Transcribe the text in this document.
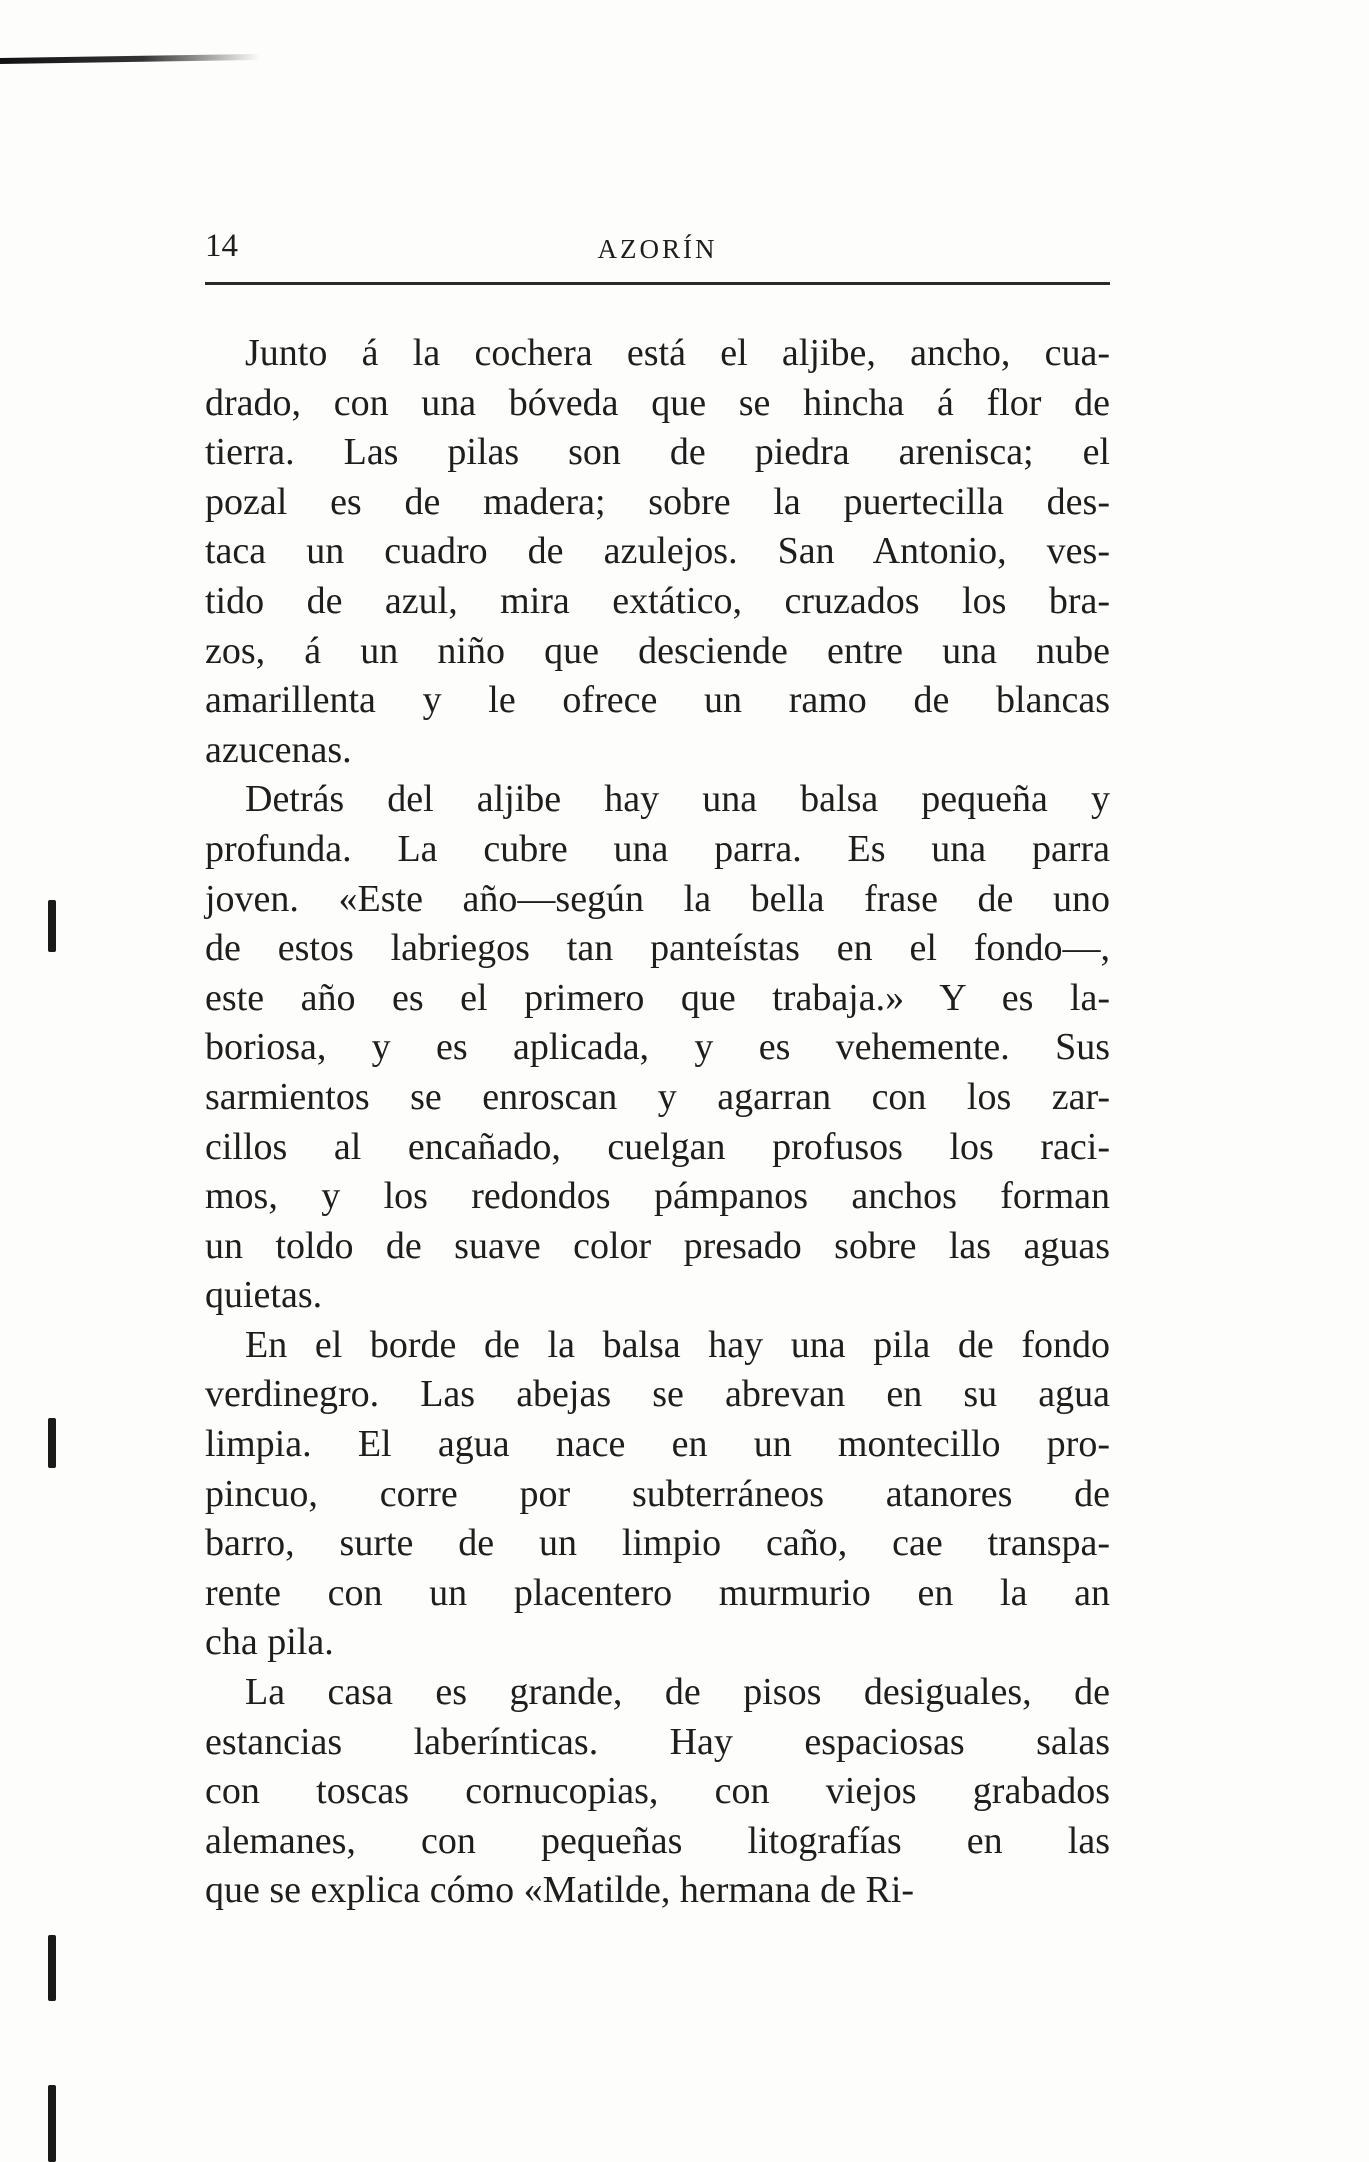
14	AZORÍN
Junto á la cochera está el aljibe, ancho, cua-
drado, con una bóveda que se hincha á flor de
tierra. Las pilas son de piedra arenisca; el
pozal es de madera; sobre la puertecilla des-
taca un cuadro de azulejos. San Antonio, ves-
tido de azul, mira extático, cruzados los bra-
zos, á un niño que desciende entre una nube
amarillenta y le ofrece un ramo de blancas
azucenas.
Detrás del aljibe hay una balsa pequeña y
profunda. La cubre una parra. Es una parra
joven. «Este año—según la bella frase de uno
de estos labriegos tan panteístas en el fondo—,
este año es el primero que trabaja.» Y es la-
boriosa, y es aplicada, y es vehemente. Sus
sarmientos se enroscan y agarran con los zar-
cillos al encañado, cuelgan profusos los raci-
mos, y los redondos pámpanos anchos forman
un toldo de suave color presado sobre las aguas
quietas.
En el borde de la balsa hay una pila de fondo
verdinegro. Las abejas se abrevan en su agua
limpia. El agua nace en un montecillo pro-
pincuo, corre por subterráneos atanores de
barro, surte de un limpio caño, cae transpa-
rente con un placentero murmurio en la an
cha pila.
La casa es grande, de pisos desiguales, de
estancias laberínticas. Hay espaciosas salas
con toscas cornucopias, con viejos grabados
alemanes, con pequeñas litografías en las
que se explica cómo «Matilde, hermana de Ri-
